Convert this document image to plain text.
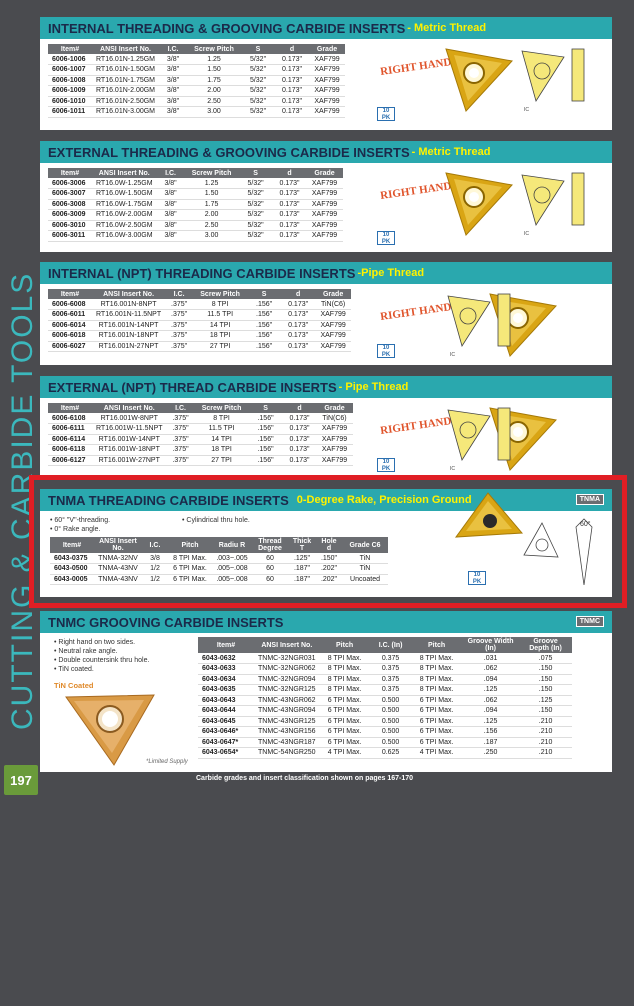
CUTTING & CARBIDE TOOLS
197
INTERNAL THREADING & GROOVING CARBIDE INSERTS - Metric Thread
Item#	ANSI Insert No.	I.C.	Screw Pitch	S	d	Grade
6006-1006	RT16.01N-1.25GM	3/8"	1.25	5/32"	0.173"	XAF799
6006-1007	RT16.01N-1.50GM	3/8"	1.50	5/32"	0.173"	XAF799
6006-1008	RT16.01N-1.75GM	3/8"	1.75	5/32"	0.173"	XAF799
6006-1009	RT16.01N-2.00GM	3/8"	2.00	5/32"	0.173"	XAF799
6006-1010	RT16.01N-2.50GM	3/8"	2.50	5/32"	0.173"	XAF799
6006-1011	RT16.01N-3.00GM	3/8"	3.00	5/32"	0.173"	XAF799
RIGHT HAND
10
PK
IC
EXTERNAL THREADING & GROOVING CARBIDE INSERTS - Metric Thread
Item#	ANSI Insert No.	I.C.	Screw Pitch	S	d	Grade
6006-3006	RT16.0W-1.25GM	3/8"	1.25	5/32"	0.173"	XAF799
6006-3007	RT16.0W-1.50GM	3/8"	1.50	5/32"	0.173"	XAF799
6006-3008	RT16.0W-1.75GM	3/8"	1.75	5/32"	0.173"	XAF799
6006-3009	RT16.0W-2.00GM	3/8"	2.00	5/32"	0.173"	XAF799
6006-3010	RT16.0W-2.50GM	3/8"	2.50	5/32"	0.173"	XAF799
6006-3011	RT16.0W-3.00GM	3/8"	3.00	5/32"	0.173"	XAF799
RIGHT HAND
10
PK
IC
INTERNAL (NPT) THREADING CARBIDE INSERTS -Pipe Thread
Item#	ANSI Insert No.	I.C.	Screw Pitch	S	d	Grade
6006-6008	RT16.001N-8NPT	.375"	8 TPI	.156"	0.173"	TiN(C6)
6006-6011	RT16.001N-11.5NPT	.375"	11.5 TPI	.156"	0.173"	XAF799
6006-6014	RT16.001N-14NPT	.375"	14 TPI	.156"	0.173"	XAF799
6006-6018	RT16.001N-18NPT	.375"	18 TPI	.156"	0.173"	XAF799
6006-6027	RT16.001N-27NPT	.375"	27 TPI	.156"	0.173"	XAF799
RIGHT HAND
10
PK	IC
EXTERNAL (NPT) THREAD CARBIDE INSERTS - Pipe Thread
Item#	ANSI Insert No.	I.C.	Screw Pitch	S	d	Grade
6006-6108	RT16.001W-8NPT	.375"	8 TPI	.156"	0.173"	TiN(C6)
6006-6111	RT16.001W-11.5NPT	.375"	11.5 TPI	.156"	0.173"	XAF799
6006-6114	RT16.001W-14NPT	.375"	14 TPI	.156"	0.173"	XAF799
6006-6118	RT16.001W-18NPT	.375"	18 TPI	.156"	0.173"	XAF799
6006-6127	RT16.001W-27NPT	.375"	27 TPI	.156"	0.173"	XAF799
RIGHT HAND
10
PK	IC
TNMA THREADING CARBIDE INSERTS 0-Degree Rake, Precision Ground	TNMA
• 60° "V"-threading.
• 0° Rake angle.
• Cylindrical thru hole.
Item#	ANSI Insert No.	I.C.	Pitch	Radiu R	Thread Degree	Thick T	Hole d	Grade C6
6043-0375	TNMA-32NV	3/8	8 TPI Max.	.003~.005	60	.125"	.150"	TiN
6043-0500	TNMA-43NV	1/2	6 TPI Max.	.005~.008	60	.187"	.202"	TiN
6043-0005	TNMA-43NV	1/2	6 TPI Max.	.005~.008	60	.187"	.202"	Uncoated
10
PK
60°
TNMC GROOVING CARBIDE INSERTS	TNMC
• Right hand on two sides.
• Neutral rake angle.
• Double countersink thru hole.
• TiN coated.
TiN Coated
*Limited Supply
Item#	ANSI Insert No.	Pitch	I.C. (In)	Pitch	Groove Width (In)	Groove Depth (In)
6043-0632	TNMC-32NGR031	8 TPI Max.	0.375	8 TPI Max.	.031	.075
6043-0633	TNMC-32NGR062	8 TPI Max.	0.375	8 TPI Max.	.062	.150
6043-0634	TNMC-32NGR094	8 TPI Max.	0.375	8 TPI Max.	.094	.150
6043-0635	TNMC-32NGR125	8 TPI Max.	0.375	8 TPI Max.	.125	.150
6043-0643	TNMC-43NGR062	6 TPI Max.	0.500	6 TPI Max.	.062	.125
6043-0644	TNMC-43NGR094	6 TPI Max.	0.500	6 TPI Max.	.094	.150
6043-0645	TNMC-43NGR125	6 TPI Max.	0.500	6 TPI Max.	.125	.210
6043-0646*	TNMC-43NGR156	6 TPI Max.	0.500	6 TPI Max.	.156	.210
6043-0647*	TNMC-43NGR187	6 TPI Max.	0.500	6 TPI Max.	.187	.210
6043-0654*	TNMC-54NGR250	4 TPI Max.	0.625	4 TPI Max.	.250	.210
Carbide grades and insert classification shown on pages 167-170
